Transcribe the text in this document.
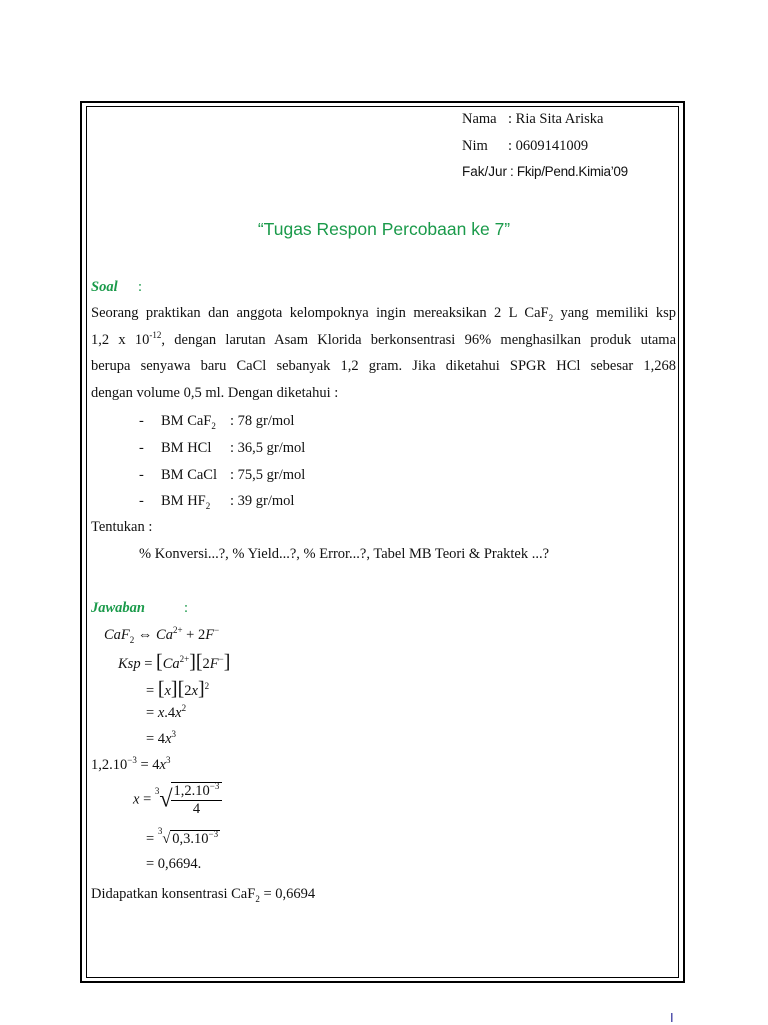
Nama : Ria Sita Ariska
Nim : 0609141009
Fak/Jur : Fkip/Pend.Kimia’09
“Tugas Respon Percobaan ke 7”
Soal :
Seorang praktikan dan anggota kelompoknya ingin mereaksikan 2 L CaF$_2$ yang memiliki ksp
1,2 x $10^{-12}$, dengan larutan Asam Klorida berkonsentrasi 96% menghasilkan produk utama
berupa senyawa baru CaCl sebanyak 1,2 gram. Jika diketahui SPGR HCl sebesar 1,268
dengan volume 0,5 ml. Dengan diketahui :
- BM CaF$_2$ : 78 gr/mol
- BM HCl : 36,5 gr/mol
- BM CaCl : 75,5 gr/mol
- BM $HF_2$ : 39 gr/mol
Tentukan :
% Konversi...?, % Yield...?, % Error...?, Tabel MB Teori & Praktek ...?
Jawaban	:
CaF$_2$ ⇔ $Ca^{2+} + 2F^-$
Ksp = $[Ca^{2+}][2F^-]$
= $[x][2x]^2$
= $x.4x^2$
= $4x^3$
$1,2.10^{-3} = 4x^3$
x = $^3$√
$\frac{1,2.10^{-3}}{4}$
= $^3$√ $0,3.10^{-3}$
= 0,6694.
Didapatkan konsentrasi CaF$_2$ = 0,6694
I
